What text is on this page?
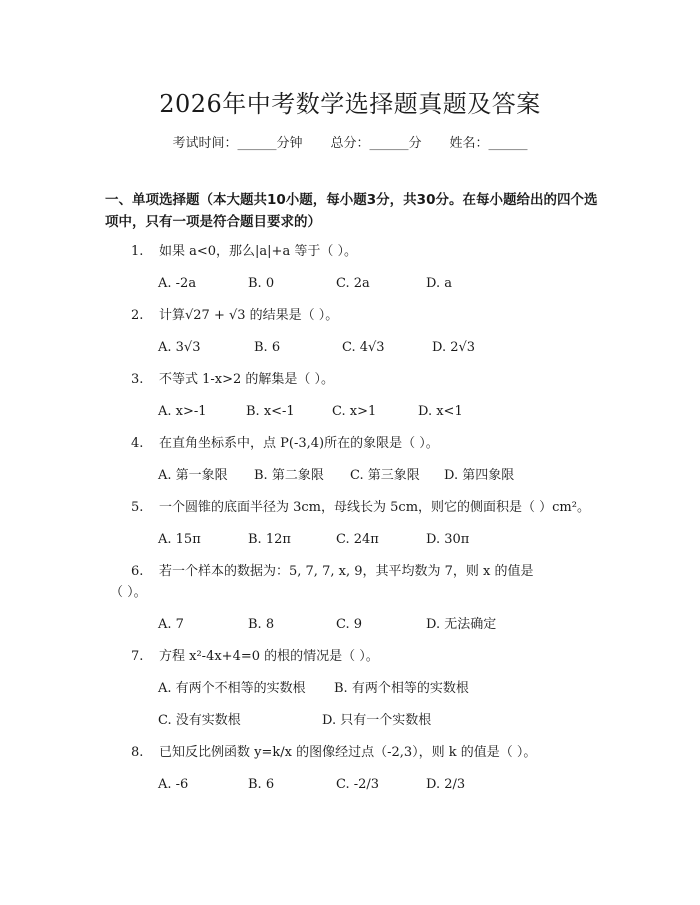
2026年中考数学选择题真题及答案
考试时间：______分钟 总分：______分 姓名：______
一、单项选择题（本大题共10小题，每小题3分，共30分。在每小题给出的四个选项中，只有一项是符合题目要求的）
1. 如果 a<0，那么|a|+a 等于（ ）。
A. -2a	B. 0	C. 2a	D. a
2. 计算√27 + √3 的结果是（ ）。
A. 3√3	B. 6	C. 4√3	D. 2√3
3. 不等式 1-x>2 的解集是（ ）。
A. x>-1	B. x<-1	C. x>1	D. x<1
4. 在直角坐标系中，点 P(-3,4)所在的象限是（ ）。
A. 第一象限 B. 第二象限 C. 第三象限 D. 第四象限
5. 一个圆锥的底面半径为 3cm，母线长为 5cm，则它的侧面积是（ ）cm²。
A. 15π	B. 12π	C. 24π	D. 30π
6. 若一个样本的数据为：5, 7, 7, x, 9，其平均数为 7，则 x 的值是
（ ）。
A. 7	B. 8	C. 9	D. 无法确定
7. 方程 x²-4x+4=0 的根的情况是（ ）。
A. 有两个不相等的实数根 B. 有两个相等的实数根
C. 没有实数根	D. 只有一个实数根
8. 已知反比例函数 y=k/x 的图像经过点（-2,3），则 k 的值是（ ）。
A. -6	B. 6	C. -2/3	D. 2/3
